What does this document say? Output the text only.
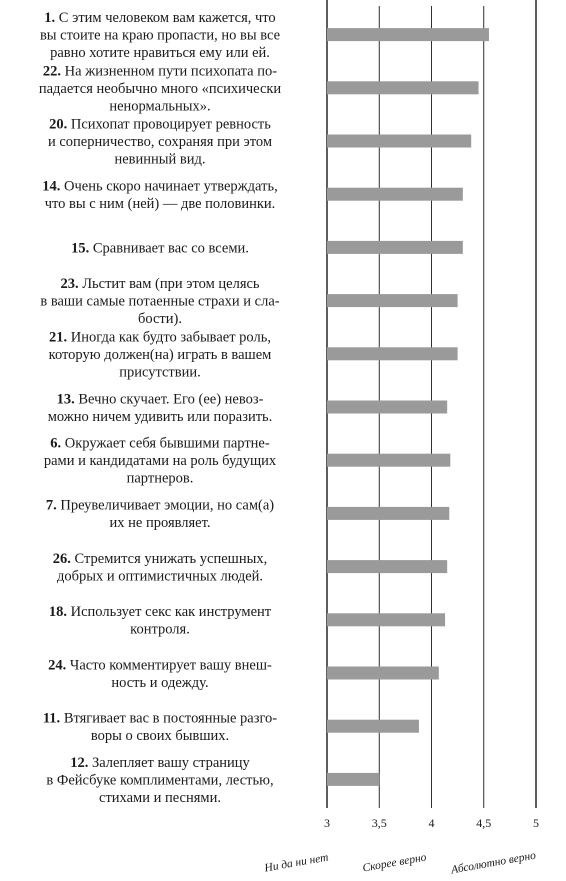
1. С этим человеком вам кажется, что
вы стоите на краю пропасти, но вы все
равно хотите нравиться ему или ей.
22. На жизненном пути психопата по-
падается необычно много «психически
ненормальных».
20. Психопат провоцирует ревность
и соперничество, сохраняя при этом
невинный вид.
14. Очень скоро начинает утверждать,
что вы с ним (ней) — две половинки.
15. Сравнивает вас со всеми.
23. Льстит вам (при этом целясь
в ваши самые потаенные страхи и сла-
бости).
21. Иногда как будто забывает роль,
которую должен(на) играть в вашем
присутствии.
13. Вечно скучает. Его (ее) невоз-
можно ничем удивить или поразить.
6. Окружает себя бывшими партне-
рами и кандидатами на роль будущих
партнеров.
7. Преувеличивает эмоции, но сам(а)
их не проявляет.
26. Стремится унижать успешных,
добрых и оптимистичных людей.
18. Использует секс как инструмент
контроля.
24. Часто комментирует вашу внеш-
ность и одежду.
11. Втягивает вас в постоянные разго-
воры о своих бывших.
12. Залепляет вашу страницу
в Фейсбуке комплиментами, лестью,
стихами и песнями.
3	3,5	4	4,5	5
Ни да ни нет	Скорее верно Абсолютно верно
